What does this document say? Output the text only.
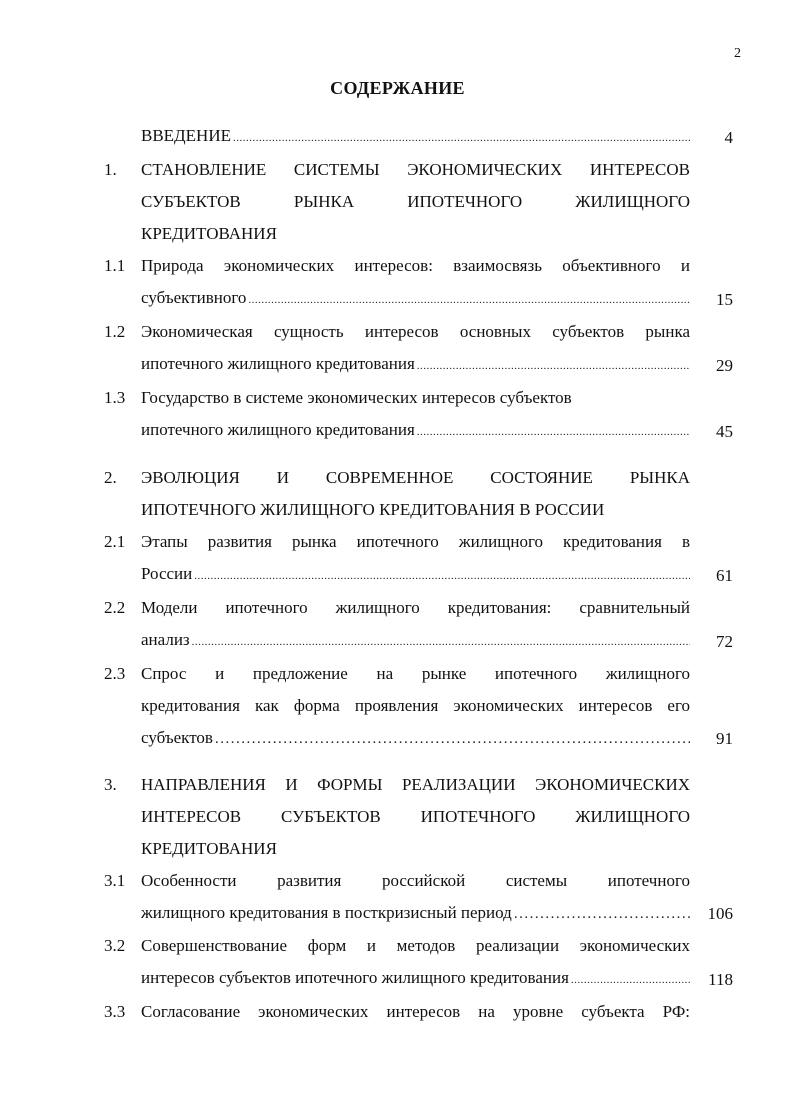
2
СОДЕРЖАНИЕ
ВВЕДЕНИЕ .....	4
1. СТАНОВЛЕНИЕ СИСТЕМЫ ЭКОНОМИЧЕСКИХ ИНТЕРЕСОВ
СУБЪЕКТОВ РЫНКА ИПОТЕЧНОГО ЖИЛИЩНОГО
КРЕДИТОВАНИЯ
1.1 Природа экономических интересов: взаимосвязь объективного и
субъективного .....	15
1.2 Экономическая сущность интересов основных субъектов рынка
ипотечного жилищного кредитования .....	29
1.3 Государство в системе экономических интересов субъектов
ипотечного жилищного кредитования .....	45
2. ЭВОЛЮЦИЯ И СОВРЕМЕННОЕ СОСТОЯНИЕ РЫНКА
ИПОТЕЧНОГО ЖИЛИЩНОГО КРЕДИТОВАНИЯ В РОССИИ
2.1 Этапы развития рынка ипотечного жилищного кредитования в
России .....	61
2.2 Модели ипотечного жилищного кредитования: сравнительный
анализ .....	72
2.3 Спрос и предложение на рынке ипотечного жилищного
кредитования как форма проявления экономических интересов его
субъектов .....	91
3. НАПРАВЛЕНИЯ И ФОРМЫ РЕАЛИЗАЦИИ ЭКОНОМИЧЕСКИХ
ИНТЕРЕСОВ СУБЪЕКТОВ ИПОТЕЧНОГО ЖИЛИЩНОГО
КРЕДИТОВАНИЯ
3.1 Особенности развития российской системы ипотечного
жилищного кредитования в посткризисный период .....	106
3.2 Совершенствование форм и методов реализации экономических
интересов субъектов ипотечного жилищного кредитования .....	118
3.3 Согласование экономических интересов на уровне субъекта РФ:
